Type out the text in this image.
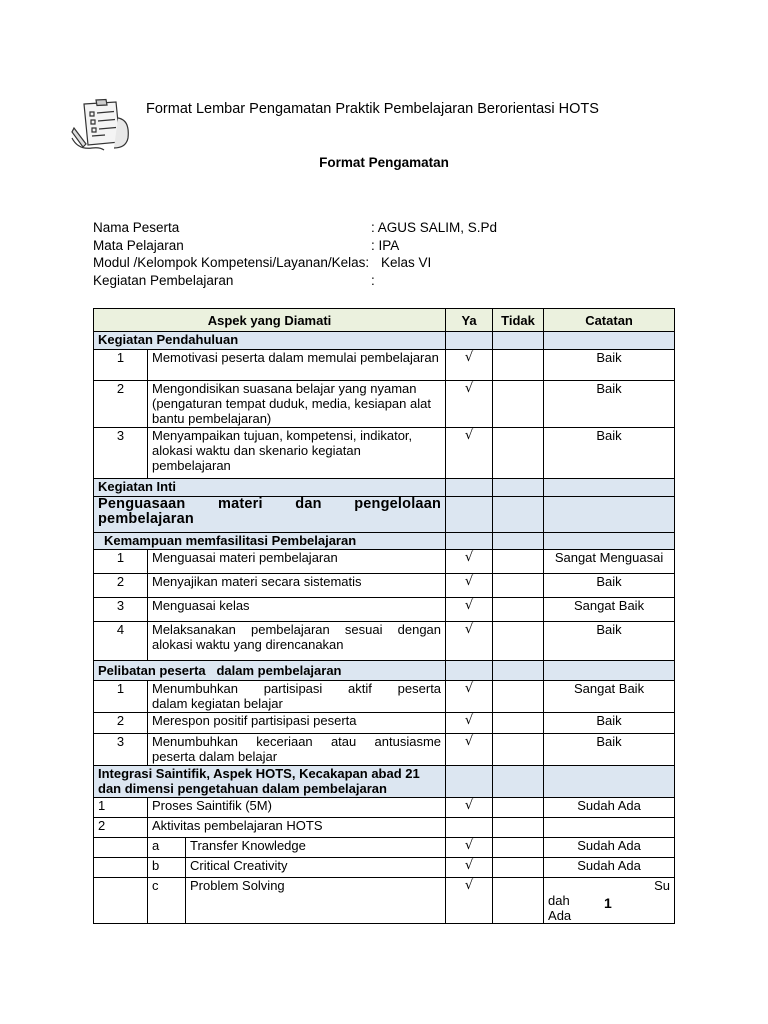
Format Lembar Pengamatan Praktik Pembelajaran Berorientasi HOTS
Format Pengamatan
Nama Peserta	: AGUS SALIM, S.Pd
Mata Pelajaran	: IPA
Modul /Kelompok Kompetensi/Layanan/Kelas: Kelas VI
Kegiatan Pembelajaran	:
Aspek yang Diamati			Ya	Tidak	Catatan
Kegiatan Pendahuluan					
1	Memotivasi peserta dalam memulai pembelajaran		√		Baik
2	Mengondisikan suasana belajar yang nyaman (pengaturan tempat duduk, media, kesiapan alat bantu pembelajaran)		√		Baik
3	Menyampaikan tujuan, kompetensi, indikator, alokasi waktu dan skenario kegiatan pembelajaran		√		Baik
Kegiatan Inti					

Penguasaan materi dan pengelolaan
pembelajaran					

Kemampuan memfasilitasi Pembelajaran					
1	Menguasai materi pembelajaran		√		Sangat Menguasai
2	Menyajikan materi secara sistematis		√		Baik
3	Menguasai kelas		√		Sangat Baik
4	Melaksanakan pembelajaran sesuai dengan
alokasi waktu yang direncanakan		√		Baik
Pelibatan peserta   dalam pembelajaran					
1	Menumbuhkan partisipasi aktif peserta
dalam kegiatan belajar		√		Sangat Baik
2	Merespon positif partisipasi peserta		√		Baik
3	Menumbuhkan keceriaan atau antusiasme
peserta dalam belajar		√		Baik
Integrasi Saintifik, Aspek HOTS, Kecakapan abad 21 dan dimensi pengetahuan dalam pembelajaran					
1	Proses Saintifik (5M)		√		Sudah Ada
2	Aktivitas pembelajaran HOTS				
	a	Transfer Knowledge	√		Sudah Ada
	b	Critical Creativity	√		Sudah Ada
	c	Problem Solving	√		Su
dah
Ada
1
